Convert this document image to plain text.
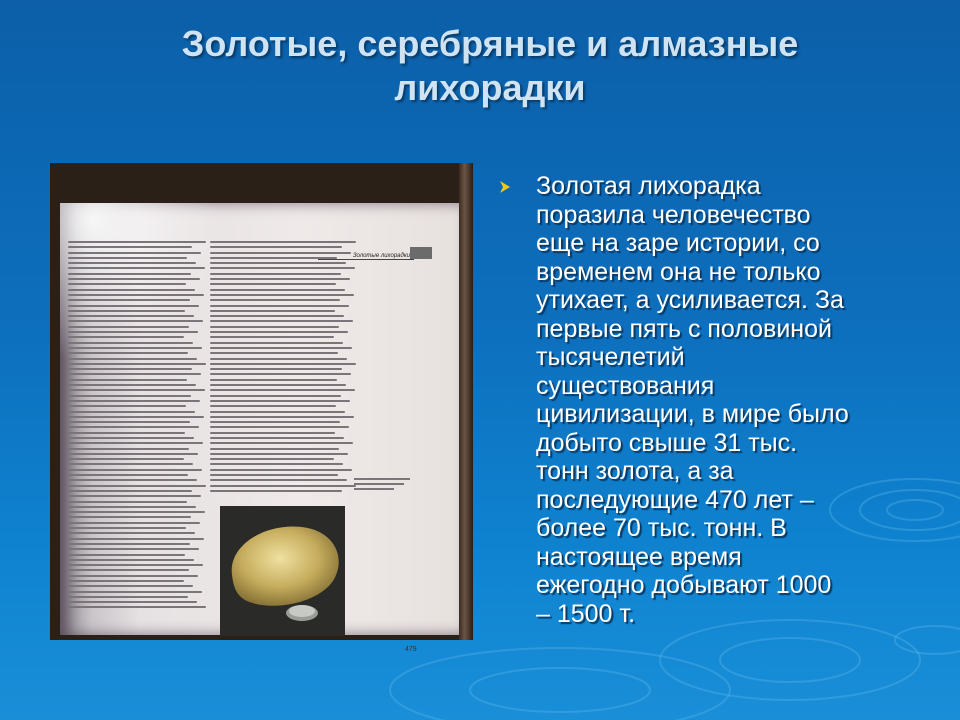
Золотые, серебряные и алмазные
лихорадки
Золотые лихорадки
479

Золотая лихорадка
поразила человечество
еще на заре истории, со
временем она не только
утихает, а усиливается. За
первые пять с половиной
тысячелетий
существования
цивилизации, в мире было
добыто свыше 31 тыс.
тонн золота, а за
последующие 470 лет –
более 70 тыс. тонн. В
настоящее время
ежегодно добывают 1000
– 1500 т.
